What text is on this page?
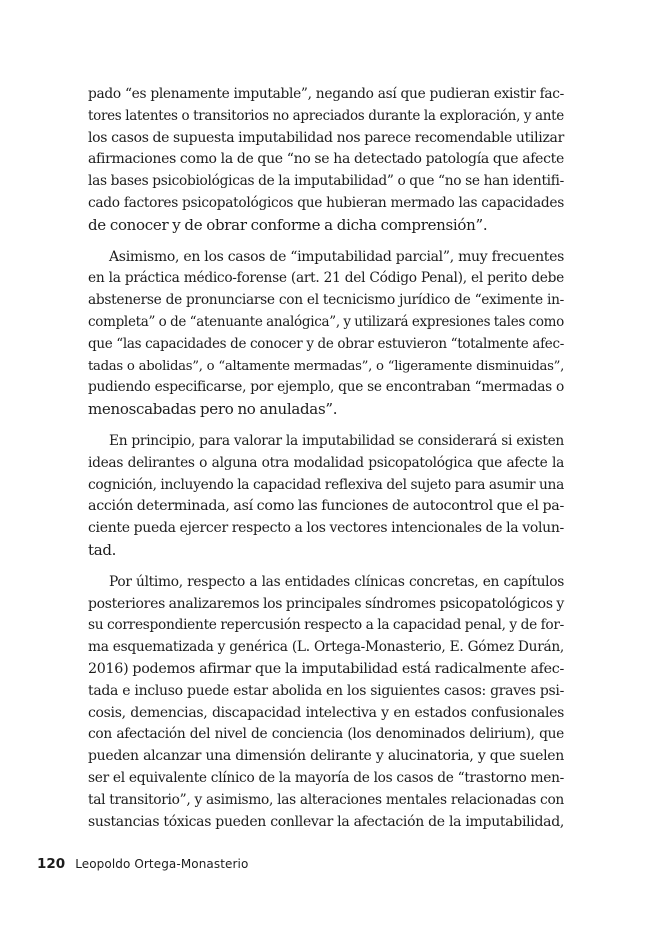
pado “es plenamente imputable”, negando así que pudieran existir fac-
tores latentes o transitorios no apreciados durante la exploración, y ante
los casos de supuesta imputabilidad nos parece recomendable utilizar
afirmaciones como la de que “no se ha detectado patología que afecte
las bases psicobiológicas de la imputabilidad” o que “no se han identifi-
cado factores psicopatológicos que hubieran mermado las capacidades
de conocer y de obrar conforme a dicha comprensión”.

Asimismo, en los casos de “imputabilidad parcial”, muy frecuentes
en la práctica médico-forense (art. 21 del Código Penal), el perito debe
abstenerse de pronunciarse con el tecnicismo jurídico de “eximente in-
completa” o de “atenuante analógica”, y utilizará expresiones tales como
que “las capacidades de conocer y de obrar estuvieron “totalmente afec-
tadas o abolidas”, o “altamente mermadas”, o “ligeramente disminuidas”,
pudiendo especificarse, por ejemplo, que se encontraban “mermadas o
menoscabadas pero no anuladas”.

En principio, para valorar la imputabilidad se considerará si existen
ideas delirantes o alguna otra modalidad psicopatológica que afecte la
cognición, incluyendo la capacidad reflexiva del sujeto para asumir una
acción determinada, así como las funciones de autocontrol que el pa-
ciente pueda ejercer respecto a los vectores intencionales de la volun-
tad.

Por último, respecto a las entidades clínicas concretas, en capítulos
posteriores analizaremos los principales síndromes psicopatológicos y
su correspondiente repercusión respecto a la capacidad penal, y de for-
ma esquematizada y genérica (L. Ortega-Monasterio, E. Gómez Durán,
2016) podemos afirmar que la imputabilidad está radicalmente afec-
tada e incluso puede estar abolida en los siguientes casos: graves psi-
cosis, demencias, discapacidad intelectiva y en estados confusionales
con afectación del nivel de conciencia (los denominados delirium), que
pueden alcanzar una dimensión delirante y alucinatoria, y que suelen
ser el equivalente clínico de la mayoría de los casos de “trastorno men-
tal transitorio”, y asimismo, las alteraciones mentales relacionadas con
sustancias tóxicas pueden conllevar la afectación de la imputabilidad,

120 Leopoldo Ortega-Monasterio
